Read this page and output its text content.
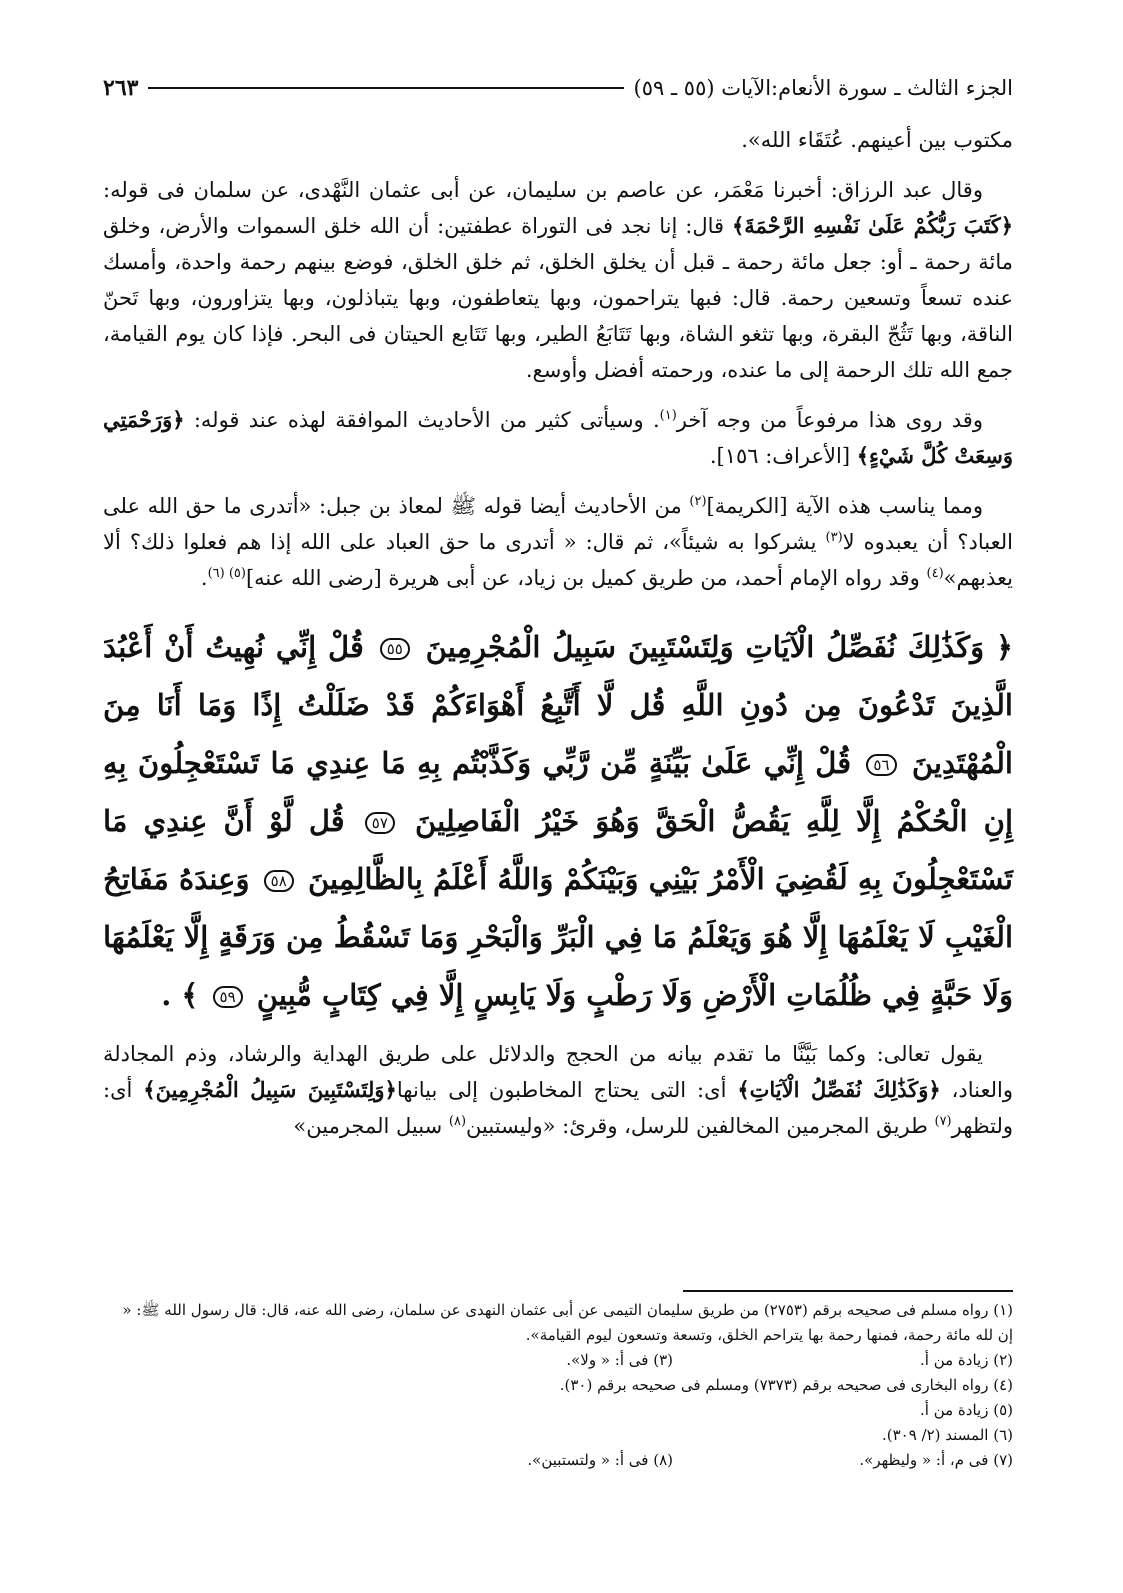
الجزء الثالث ـ سورة الأنعام:الآيات (٥٥ ـ ٥٩)
٢٦٣

مكتوب بين أعينهم. عُتَقَاء الله».

وقال عبد الرزاق: أخبرنا مَعْمَر، عن عاصم بن سليمان، عن أبى عثمان النَّهْدى، عن سلمان فى قوله: ﴿كَتَبَ رَبُّكُمْ عَلَىٰ نَفْسِهِ الرَّحْمَةَ﴾ قال: إنا نجد فى التوراة عطفتين: أن الله خلق السموات والأرض، وخلق مائة رحمة ـ أو: جعل مائة رحمة ـ قبل أن يخلق الخلق، ثم خلق الخلق، فوضع بينهم رحمة واحدة، وأمسك عنده تسعاً وتسعين رحمة. قال: فبها يتراحمون، وبها يتعاطفون، وبها يتباذلون، وبها يتزاورون، وبها تَحنّ الناقة، وبها تَثُجّ البقرة، وبها تثغو الشاة، وبها تَتَابَعُ الطير، وبها تَتَابع الحيتان فى البحر. فإذا كان يوم القيامة، جمع الله تلك الرحمة إلى ما عنده، ورحمته أفضل وأوسع.

وقد روى هذا مرفوعاً من وجه آخر$^{(١)}$. وسيأتى كثير من الأحاديث الموافقة لهذه عند قوله: ﴿وَرَحْمَتِي وَسِعَتْ كُلَّ شَيْءٍ﴾ [الأعراف: ١٥٦].

ومما يناسب هذه الآية [الكريمة]$^{(٢)}$ من الأحاديث أيضا قوله ﷺ لمعاذ بن جبل: «أتدرى ما حق الله على العباد؟ أن يعبدوه لا$^{(٣)}$ يشركوا به شيئاً»، ثم قال: « أتدرى ما حق العباد على الله إذا هم فعلوا ذلك؟ ألا يعذبهم»$^{(٤)}$ وقد رواه الإمام أحمد، من طريق كميل بن زياد، عن أبى هريرة [رضى الله عنه]$^{(٥) (٦)}$.

﴿ وَكَذَٰلِكَ نُفَصِّلُ الْآيَاتِ وَلِتَسْتَبِينَ سَبِيلُ الْمُجْرِمِينَ ٥٥ قُلْ إِنِّي نُهِيتُ أَنْ أَعْبُدَ الَّذِينَ تَدْعُونَ مِن دُونِ اللَّهِ قُل لَّا أَتَّبِعُ أَهْوَاءَكُمْ قَدْ ضَلَلْتُ إِذًا وَمَا أَنَا مِنَ الْمُهْتَدِينَ ٥٦ قُلْ إِنِّي عَلَىٰ بَيِّنَةٍ مِّن رَّبِّي وَكَذَّبْتُم بِهِ مَا عِندِي مَا تَسْتَعْجِلُونَ بِهِ إِنِ الْحُكْمُ إِلَّا لِلَّهِ يَقُصُّ الْحَقَّ وَهُوَ خَيْرُ الْفَاصِلِينَ ٥٧ قُل لَّوْ أَنَّ عِندِي مَا تَسْتَعْجِلُونَ بِهِ لَقُضِيَ الْأَمْرُ بَيْنِي وَبَيْنَكُمْ وَاللَّهُ أَعْلَمُ بِالظَّالِمِينَ ٥٨ وَعِندَهُ مَفَاتِحُ الْغَيْبِ لَا يَعْلَمُهَا إِلَّا هُوَ وَيَعْلَمُ مَا فِي الْبَرِّ وَالْبَحْرِ وَمَا تَسْقُطُ مِن وَرَقَةٍ إِلَّا يَعْلَمُهَا وَلَا حَبَّةٍ فِي ظُلُمَاتِ الْأَرْضِ وَلَا رَطْبٍ وَلَا يَابِسٍ إِلَّا فِي كِتَابٍ مُّبِينٍ ٥٩ ﴾ .

يقول تعالى: وكما بَيَّنَّا ما تقدم بيانه من الحجج والدلائل على طريق الهداية والرشاد، وذم المجادلة والعناد، ﴿وَكَذَٰلِكَ نُفَصِّلُ الْآيَاتِ﴾ أى: التى يحتاج المخاطبون إلى بيانها﴿وَلِتَسْتَبِينَ سَبِيلُ الْمُجْرِمِينَ﴾ أى: ولتظهر$^{(٧)}$ طريق المجرمين المخالفين للرسل، وقرئ: «وليستبين$^{(٨)}$ سبيل المجرمين»

(١) رواه مسلم فى صحيحه برقم (٢٧٥٣) من طريق سليمان التيمى عن أبى عثمان النهدى عن سلمان، رضى الله عنه، قال: قال رسول الله ﷺ: « إن لله مائة رحمة، فمنها رحمة بها يتراحم الخلق، وتسعة وتسعون ليوم القيامة».

(٢) زيادة من أ.
(٣) فى أ: « ولا».

(٤) رواه البخارى فى صحيحه برقم (٧٣٧٣) ومسلم فى صحيحه برقم (٣٠).

(٥) زيادة من أ.

(٦) المسند (٢/ ٣٠٩).

(٧) فى م، أ: « وليظهر».
(٨) فى أ: « ولتستبين».
